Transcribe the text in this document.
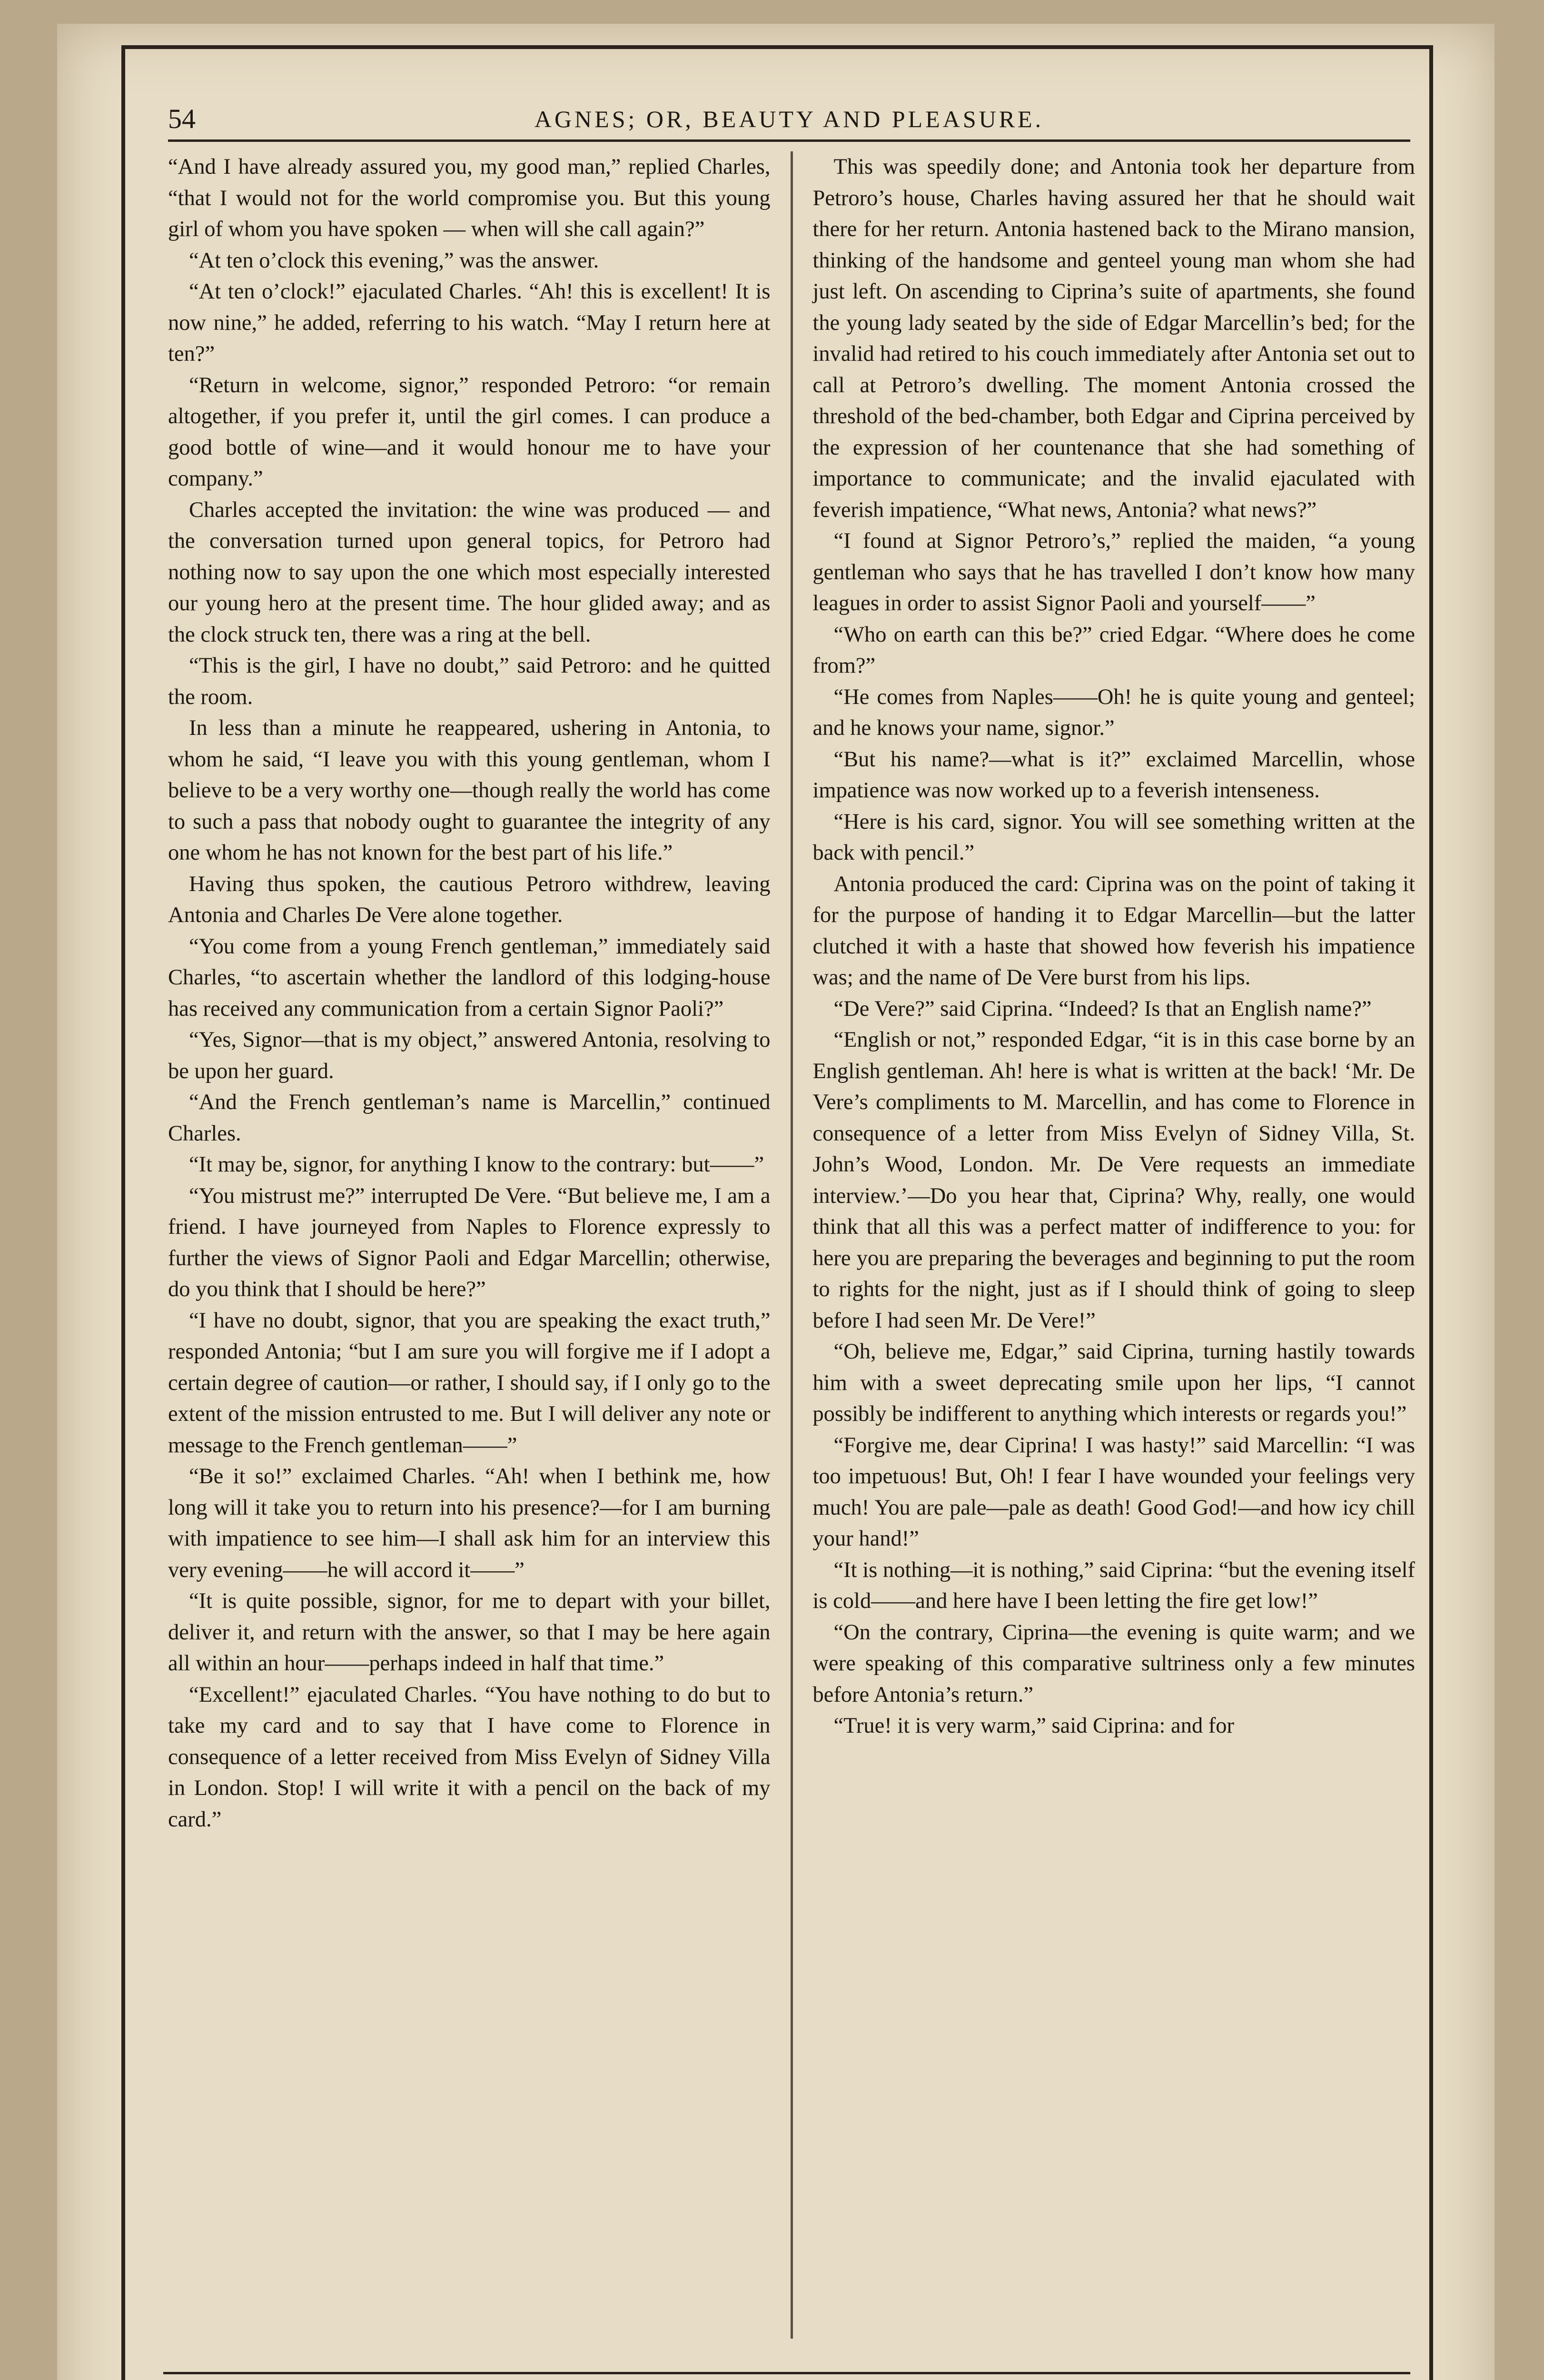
54	AGNES; OR, BEAUTY AND PLEASURE.

“And I have already assured you, my good man,” replied Charles, “that I would not for the world compromise you. But this young girl of whom you have spoken — when will she call again?”

“At ten o’clock this evening,” was the answer.

“At ten o’clock!” ejaculated Charles. “Ah! this is excellent! It is now nine,” he added, referring to his watch. “May I return here at ten?”

“Return in welcome, signor,” responded Petroro: “or remain altogether, if you prefer it, until the girl comes. I can produce a good bottle of wine—and it would honour me to have your company.”

Charles accepted the invitation: the wine was produced — and the conversation turned upon general topics, for Petroro had nothing now to say upon the one which most especially interested our young hero at the present time. The hour glided away; and as the clock struck ten, there was a ring at the bell.

“This is the girl, I have no doubt,” said Petroro: and he quitted the room.

In less than a minute he reappeared, ushering in Antonia, to whom he said, “I leave you with this young gentleman, whom I believe to be a very worthy one—though really the world has come to such a pass that nobody ought to guarantee the integrity of any one whom he has not known for the best part of his life.”

Having thus spoken, the cautious Petroro withdrew, leaving Antonia and Charles De Vere alone together.

“You come from a young French gentleman,” immediately said Charles, “to ascertain whether the landlord of this lodging-house has received any communication from a certain Signor Paoli?”

“Yes, Signor—that is my object,” answered Antonia, resolving to be upon her guard.

“And the French gentleman’s name is Marcellin,” continued Charles.

“It may be, signor, for anything I know to the contrary: but——”

“You mistrust me?” interrupted De Vere. “But believe me, I am a friend. I have journeyed from Naples to Florence expressly to further the views of Signor Paoli and Edgar Marcellin; otherwise, do you think that I should be here?”

“I have no doubt, signor, that you are speaking the exact truth,” responded Antonia; “but I am sure you will forgive me if I adopt a certain degree of caution—or rather, I should say, if I only go to the extent of the mission entrusted to me. But I will deliver any note or message to the French gentleman——”

“Be it so!” exclaimed Charles. “Ah! when I bethink me, how long will it take you to return into his presence?—for I am burning with impatience to see him—I shall ask him for an interview this very evening——he will accord it——”

“It is quite possible, signor, for me to depart with your billet, deliver it, and return with the answer, so that I may be here again all within an hour——perhaps indeed in half that time.”

“Excellent!” ejaculated Charles. “You have nothing to do but to take my card and to say that I have come to Florence in consequence of a letter received from Miss Evelyn of Sidney Villa in London. Stop! I will write it with a pencil on the back of my card.”

This was speedily done; and Antonia took her departure from Petroro’s house, Charles having assured her that he should wait there for her return. Antonia hastened back to the Mirano mansion, thinking of the handsome and genteel young man whom she had just left. On ascending to Ciprina’s suite of apartments, she found the young lady seated by the side of Edgar Marcellin’s bed; for the invalid had retired to his couch immediately after Antonia set out to call at Petroro’s dwelling. The moment Antonia crossed the threshold of the bed-chamber, both Edgar and Ciprina perceived by the expression of her countenance that she had something of importance to communicate; and the invalid ejaculated with feverish impatience, “What news, Antonia? what news?”

“I found at Signor Petroro’s,” replied the maiden, “a young gentleman who says that he has travelled I don’t know how many leagues in order to assist Signor Paoli and yourself——”

“Who on earth can this be?” cried Edgar. “Where does he come from?”

“He comes from Naples——Oh! he is quite young and genteel; and he knows your name, signor.”

“But his name?—what is it?” exclaimed Marcellin, whose impatience was now worked up to a feverish intenseness.

“Here is his card, signor. You will see something written at the back with pencil.”

Antonia produced the card: Ciprina was on the point of taking it for the purpose of handing it to Edgar Marcellin—but the latter clutched it with a haste that showed how feverish his impatience was; and the name of De Vere burst from his lips.

“De Vere?” said Ciprina. “Indeed? Is that an English name?”

“English or not,” responded Edgar, “it is in this case borne by an English gentleman. Ah! here is what is written at the back! ‘Mr. De Vere’s compliments to M. Marcellin, and has come to Florence in consequence of a letter from Miss Evelyn of Sidney Villa, St. John’s Wood, London. Mr. De Vere requests an immediate interview.’—Do you hear that, Ciprina? Why, really, one would think that all this was a perfect matter of indifference to you: for here you are preparing the beverages and beginning to put the room to rights for the night, just as if I should think of going to sleep before I had seen Mr. De Vere!”

“Oh, believe me, Edgar,” said Ciprina, turning hastily towards him with a sweet deprecating smile upon her lips, “I cannot possibly be indifferent to anything which interests or regards you!”

“Forgive me, dear Ciprina! I was hasty!” said Marcellin: “I was too impetuous! But, Oh! I fear I have wounded your feelings very much! You are pale—pale as death! Good God!—and how icy chill your hand!”

“It is nothing—it is nothing,” said Ciprina: “but the evening itself is cold——and here have I been letting the fire get low!”

“On the contrary, Ciprina—the evening is quite warm; and we were speaking of this comparative sultriness only a few minutes before Antonia’s return.”

“True! it is very warm,” said Ciprina: and for
